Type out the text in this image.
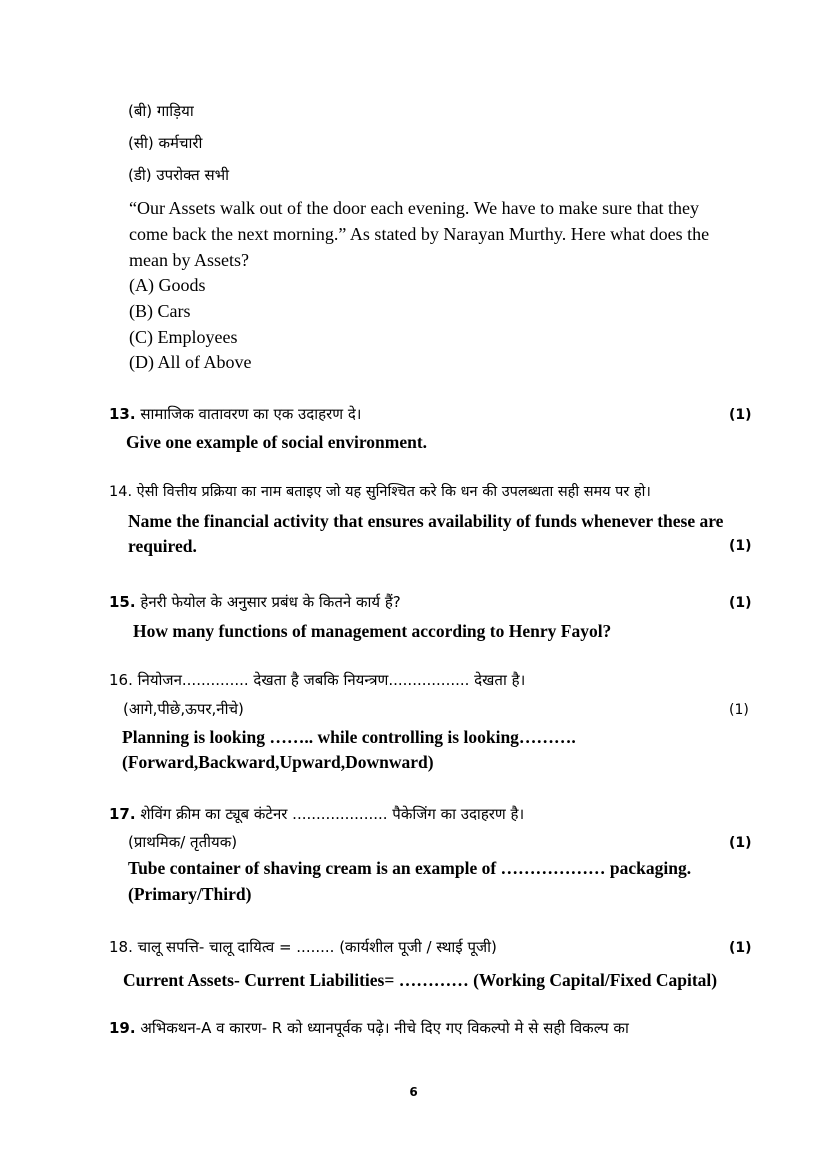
(बी) गाड़िया
(सी) कर्मचारी
(डी) उपरोक्त सभी
“Our Assets walk out of the door each evening. We have to make sure that they
come back the next morning.” As stated by Narayan Murthy. Here what does the
mean by Assets?
(A) Goods
(B) Cars
(C) Employees
(D) All of Above
13. सामाजिक वातावरण का एक उदाहरण दे।	(1)
Give one example of social environment.
14. ऐसी वित्तीय प्रक्रिया का नाम बताइए जो यह सुनिश्चित करे कि धन की उपलब्धता सही समय पर हो।
Name the financial activity that ensures availability of funds whenever these are
required.	(1)
15. हेनरी फेयोल के अनुसार प्रबंध के कितने कार्य हैं?	(1)
How many functions of management according to Henry Fayol?
16. नियोजन.............. देखता है जबकि नियन्त्रण................. देखता है।
(आगे,पीछे,ऊपर,नीचे)	(1)
Planning is looking …….. while controlling is looking……….
(Forward,Backward,Upward,Downward)
17. शेविंग क्रीम का ट्यूब कंटेनर .................... पैकेजिंग का उदाहरण है।
(प्राथमिक/ तृतीयक)	(1)
Tube container of shaving cream is an example of ……………… packaging.
(Primary/Third)
18. चालू सपत्ति- चालू दायित्व = ........ (कार्यशील पूजी / स्थाई पूजी)	(1)
Current Assets- Current Liabilities= ………… (Working Capital/Fixed Capital)
19. अभिकथन-A व कारण- R को ध्यानपूर्वक पढ़े। नीचे दिए गए विकल्पो मे से सही विकल्प का
6
